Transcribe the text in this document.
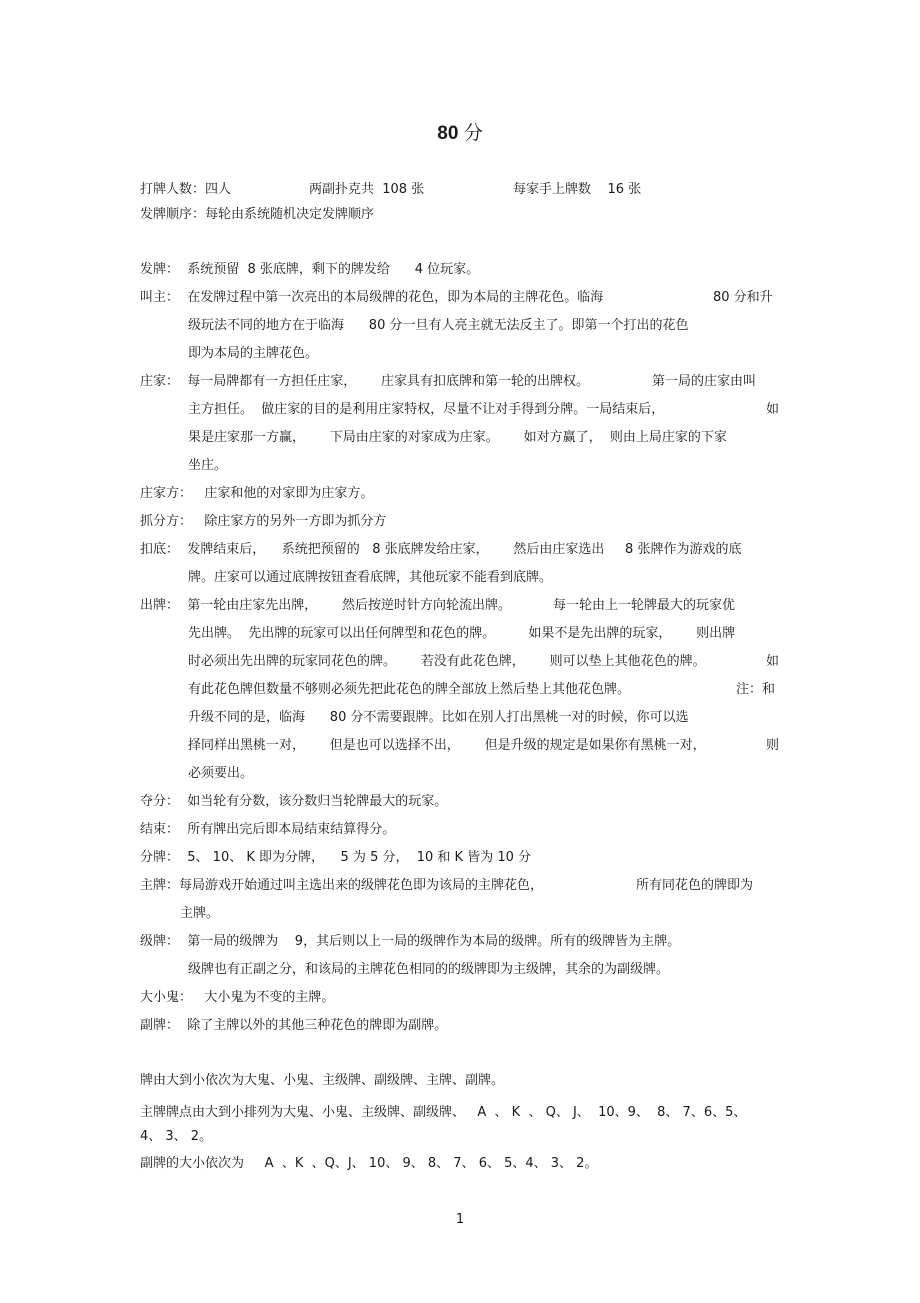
80 分
打牌人数：四人	两副扑克共  108 张	每家手上牌数    16 张
发牌顺序：每轮由系统随机决定发牌顺序
发牌：  系统预留  8 张底牌，剩下的牌发给      4 位玩家。
叫主：  在发牌过程中第一次亮出的本局级牌的花色，即为本局的主牌花色。临海	80 分和升
级玩法不同的地方在于临海      80 分一旦有人亮主就无法反主了。即第一个打出的花色
即为本局的主牌花色。
庄家：  每一局牌都有一方担任庄家，      庄家具有扣底牌和第一轮的出牌权。	第一局的庄家由叫
主方担任。  做庄家的目的是利用庄家特权，尽量不让对手得到分牌。一局结束后，	如
果是庄家那一方赢，      下局由庄家的对家成为庄家。      如对方赢了，  则由上局庄家的下家
坐庄。
庄家方：   庄家和他的对家即为庄家方。
抓分方：   除庄家方的另外一方即为抓分方
扣底：  发牌结束后，    系统把预留的   8 张底牌发给庄家，      然后由庄家选出     8 张牌作为游戏的底
牌。庄家可以通过底牌按钮查看底牌，其他玩家不能看到底牌。
出牌：  第一轮由庄家先出牌，      然后按逆时针方向轮流出牌。	每一轮由上一轮牌最大的玩家优
先出牌。  先出牌的玩家可以出任何牌型和花色的牌。        如果不是先出牌的玩家，      则出牌
时必须出先出牌的玩家同花色的牌。      若没有此花色牌，      则可以垫上其他花色的牌。	如
有此花色牌但数量不够则必须先把此花色的牌全部放上然后垫上其他花色牌。	注：和
升级不同的是，临海      80 分不需要跟牌。比如在别人打出黑桃一对的时候，你可以选
择同样出黑桃一对，      但是也可以选择不出，      但是升级的规定是如果你有黑桃一对，	则
必须要出。
夺分：  如当轮有分数，该分数归当轮牌最大的玩家。
结束：  所有牌出完后即本局结束结算得分。
分牌：  5、 10、 K 即为分牌，    5 为 5 分，  10 和 K 皆为 10 分
主牌：每局游戏开始通过叫主选出来的级牌花色即为该局的主牌花色，	所有同花色的牌即为
主牌。
级牌：  第一局的级牌为    9，其后则以上一局的级牌作为本局的级牌。所有的级牌皆为主牌。
级牌也有正副之分，和该局的主牌花色相同的的级牌即为主级牌，其余的为副级牌。
大小鬼：   大小鬼为不变的主牌。
副牌：  除了主牌以外的其他三种花色的牌即为副牌。
牌由大到小依次为大鬼、小鬼、主级牌、副级牌、主牌、副牌。
主牌牌点由大到小排列为大鬼、小鬼、主级牌、副级牌、   A  、 K  、 Q、 J、  10、9、  8、 7、6、5、
4、 3、 2。
副牌的大小依次为     A  、K  、Q、J、 10、 9、 8、 7、 6、 5、4、 3、 2。
1
